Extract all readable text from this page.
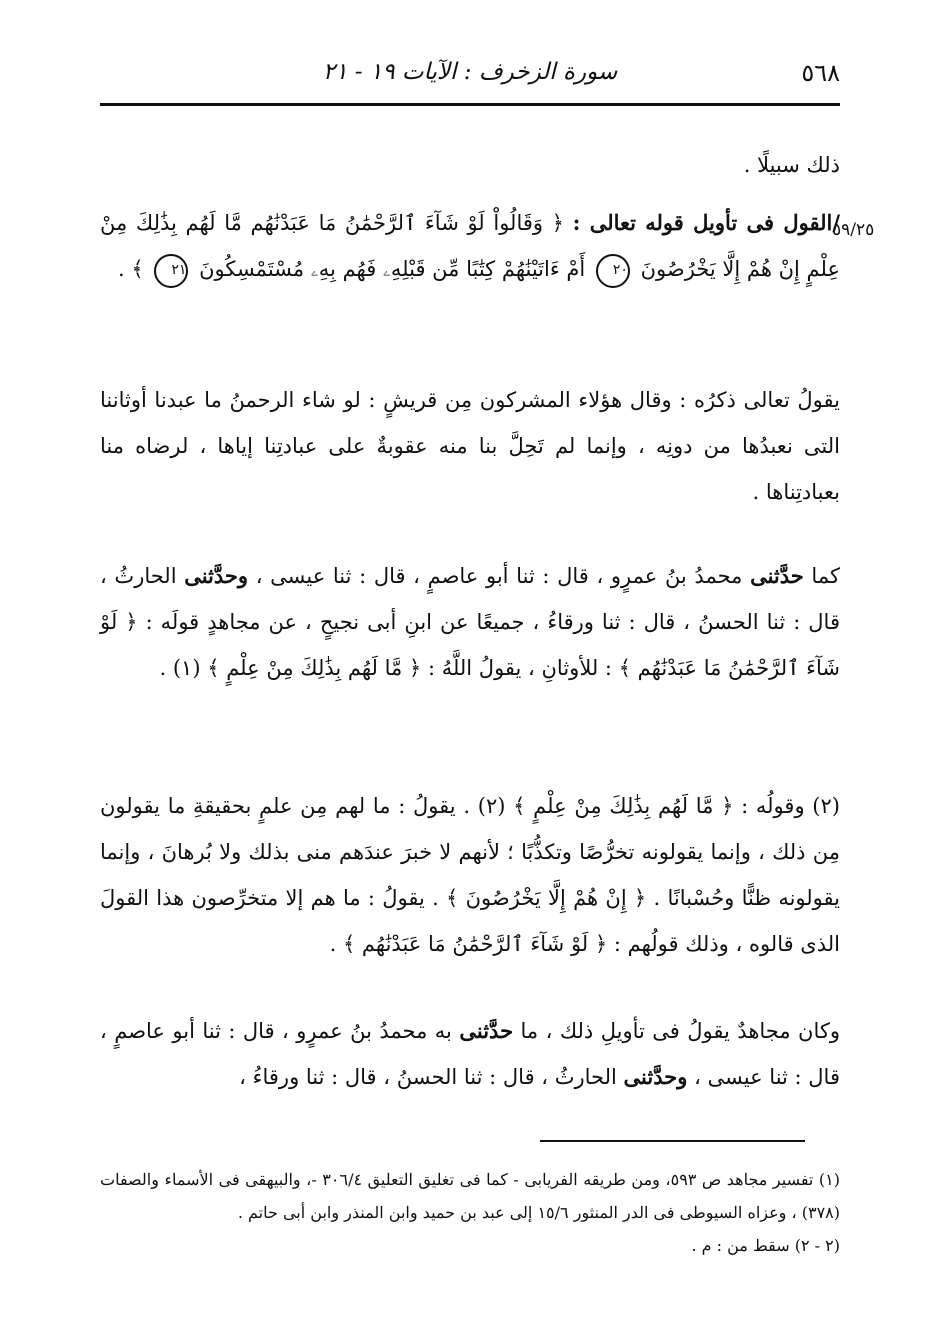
٥٦٨
سورة الزخرف : الآيات ١٩ - ٢١
٥٩/٢٥

ذلك سبيلًا .

/القول فى تأويل قوله تعالى : ﴿ وَقَالُواْ لَوْ شَآءَ ٱلرَّحْمَٰنُ مَا عَبَدْنَٰهُم مَّا لَهُم بِذَٰلِكَ مِنْ عِلْمٍ إِنْ هُمْ إِلَّا يَخْرُصُونَ ٢٠ أَمْ ءَاتَيْنَٰهُمْ كِتَٰبًا مِّن قَبْلِهِۦ فَهُم بِهِۦ مُسْتَمْسِكُونَ ٢١ ﴾ .

يقولُ تعالى ذكرُه : وقال هؤلاء المشركون مِن قريشٍ : لو شاء الرحمنُ ما عبدنا أوثاننا التى نعبدُها من دونِه ، وإنما لم تَحِلَّ بنا منه عقوبةٌ على عبادتِنا إياها ، لرضاه منا بعبادتِناها .

كما حدَّثنى محمدُ بنُ عمرٍو ، قال : ثنا أبو عاصمٍ ، قال : ثنا عيسى ، وحدَّثنى الحارثُ ، قال : ثنا الحسنُ ، قال : ثنا ورقاءُ ، جميعًا عن ابنِ أبى نجيحٍ ، عن مجاهدٍ قولَه : ﴿ لَوْ شَآءَ ٱلرَّحْمَٰنُ مَا عَبَدْنَٰهُم ﴾ : للأوثانِ ، يقولُ اللَّهُ : ﴿ مَّا لَهُم بِذَٰلِكَ مِنْ عِلْمٍ ﴾ (١) .

(٢) وقولُه : ﴿ مَّا لَهُم بِذَٰلِكَ مِنْ عِلْمٍ ﴾ (٢) . يقولُ : ما لهم مِن علمٍ بحقيقةِ ما يقولون مِن ذلك ، وإنما يقولونه تخرُّصًا وتكذُّبًا ؛ لأنهم لا خبرَ عندَهم منى بذلك ولا بُرهانَ ، وإنما يقولونه ظنًّا وحُسْبانًا . ﴿ إِنْ هُمْ إِلَّا يَخْرُصُونَ ﴾ . يقولُ : ما هم إلا متخرِّصون هذا القولَ الذى قالوه ، وذلك قولُهم : ﴿ لَوْ شَآءَ ٱلرَّحْمَٰنُ مَا عَبَدْنَٰهُم ﴾ .

وكان مجاهدٌ يقولُ فى تأويلِ ذلك ، ما حدَّثنى به محمدُ بنُ عمرٍو ، قال : ثنا أبو عاصمٍ ، قال : ثنا عيسى ، وحدَّثنى الحارثُ ، قال : ثنا الحسنُ ، قال : ثنا ورقاءُ ،

(١) تفسير مجاهد ص ٥٩٣، ومن طريقه الفريابى - كما فى تغليق التعليق ٣٠٦/٤ -، والبيهقى فى الأسماء والصفات (٣٧٨) ، وعزاه السيوطى فى الدر المنثور ١٥/٦ إلى عبد بن حميد وابن المنذر وابن أبى حاتم .

(٢ - ٢) سقط من : م .
